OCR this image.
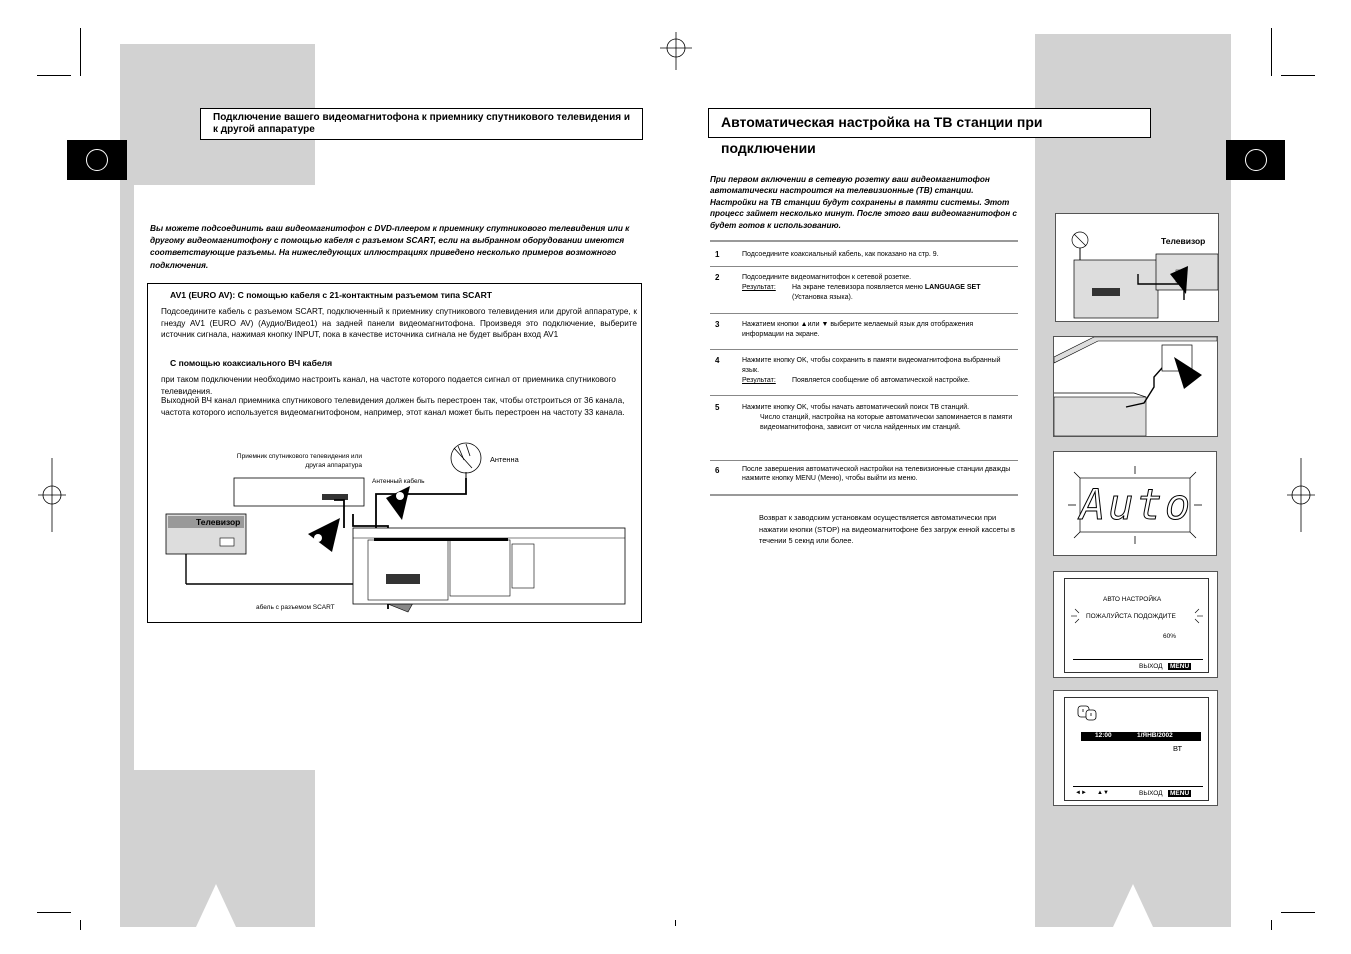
Подключение вашего видеомагнитофона к приемнику спутникового телевидения и к другой аппаратуре
Вы можете подсоединить ваш видеомагнитофон с DVD-плеером к приемнику спутникового телевидения или к другому видеомагнитофону с помощью кабеля с разъемом SCART, если на выбранном оборудовании имеются соответствующие разъемы. На нижеследующих иллюстрациях приведено несколько примеров возможного подключения.
AV1 (EURO AV): С помощью кабеля с 21-контактным разъемом типа SCART
Подсоедините кабель с разъемом SCART, подключенный к приемнику спутникового телевидения или другой аппаратуре, к гнезду AV1 (EURO AV) (Аудио/Видео1) на задней панели видеомагнитофона. Произведя это подключение, выберите источник сигнала, нажимая кнопку INPUT, пока в качестве источника сигнала не будет выбран вход AV1
С помощью коаксиального ВЧ кабеля
при таком подключении необходимо настроить канал, на частоте которого подается сигнал от приемника спутникового телевидения.
Выходной ВЧ канал приемника спутникового телевидения должен быть перестроен так, чтобы отстроиться от 36 канала, частота которого используется видеомагнитофоном, например, этот канал может быть перестроен на частоту 33 канала.
Приемник спутникового телевидения или другая аппаратура
Антенна
Антенный кабель
Телевизор
абель с разъемом SCART
Автоматическая настройка на ТВ станции при подключении
При первом включении в сетевую розетку ваш видеомагнитофон автоматически настроится на телевизионные (ТВ) станции. Настройки на ТВ станции будут сохранены в памяти системы. Этот процесс займет несколько минут. После этого ваш видеомагнитофон с будет готов к использованию.
1	Подсоедините коаксиальный кабель, как показано на стр. 9.
2	Подсоедините видеомагнитофон к сетевой розетке.
Результат:	На экране телевизора появляется меню LANGUAGE SET (Установка языка).
3	Нажатием кнопки ▲или ▼ выберите желаемый язык для отображения информации на экране.
4	Нажмите кнопку OK, чтобы сохранить в памяти видеомагнитофона выбранный язык.
Результат:	Появляется сообщение об автоматической настройке.
5	Нажмите кнопку OK, чтобы начать автоматический поиск ТВ станций.
Число станций, настройка на которые автоматически запоминается в памяти видеомагнитофона, зависит от числа найденных им станций.
6	После завершения автоматической настройки на телевизионные станции дважды нажмите кнопку MENU (Меню), чтобы выйти из меню.
Возврат к заводским установкам осуществляется автоматически при нажатии кнопки (STOP) на видеомагнитофоне без загруж енной кассеты в течении 5 секнд или более.
Телевизор
Auto
АВТО НАСТРОЙКА
ПОЖАЛУЙСТА ПОДОЖДИТЕ
60%
ВЫХОД	MENU
12:00	1/ЯНВ/2002
ВТ
◄► ▲▼	ВЫХОД	MENU
